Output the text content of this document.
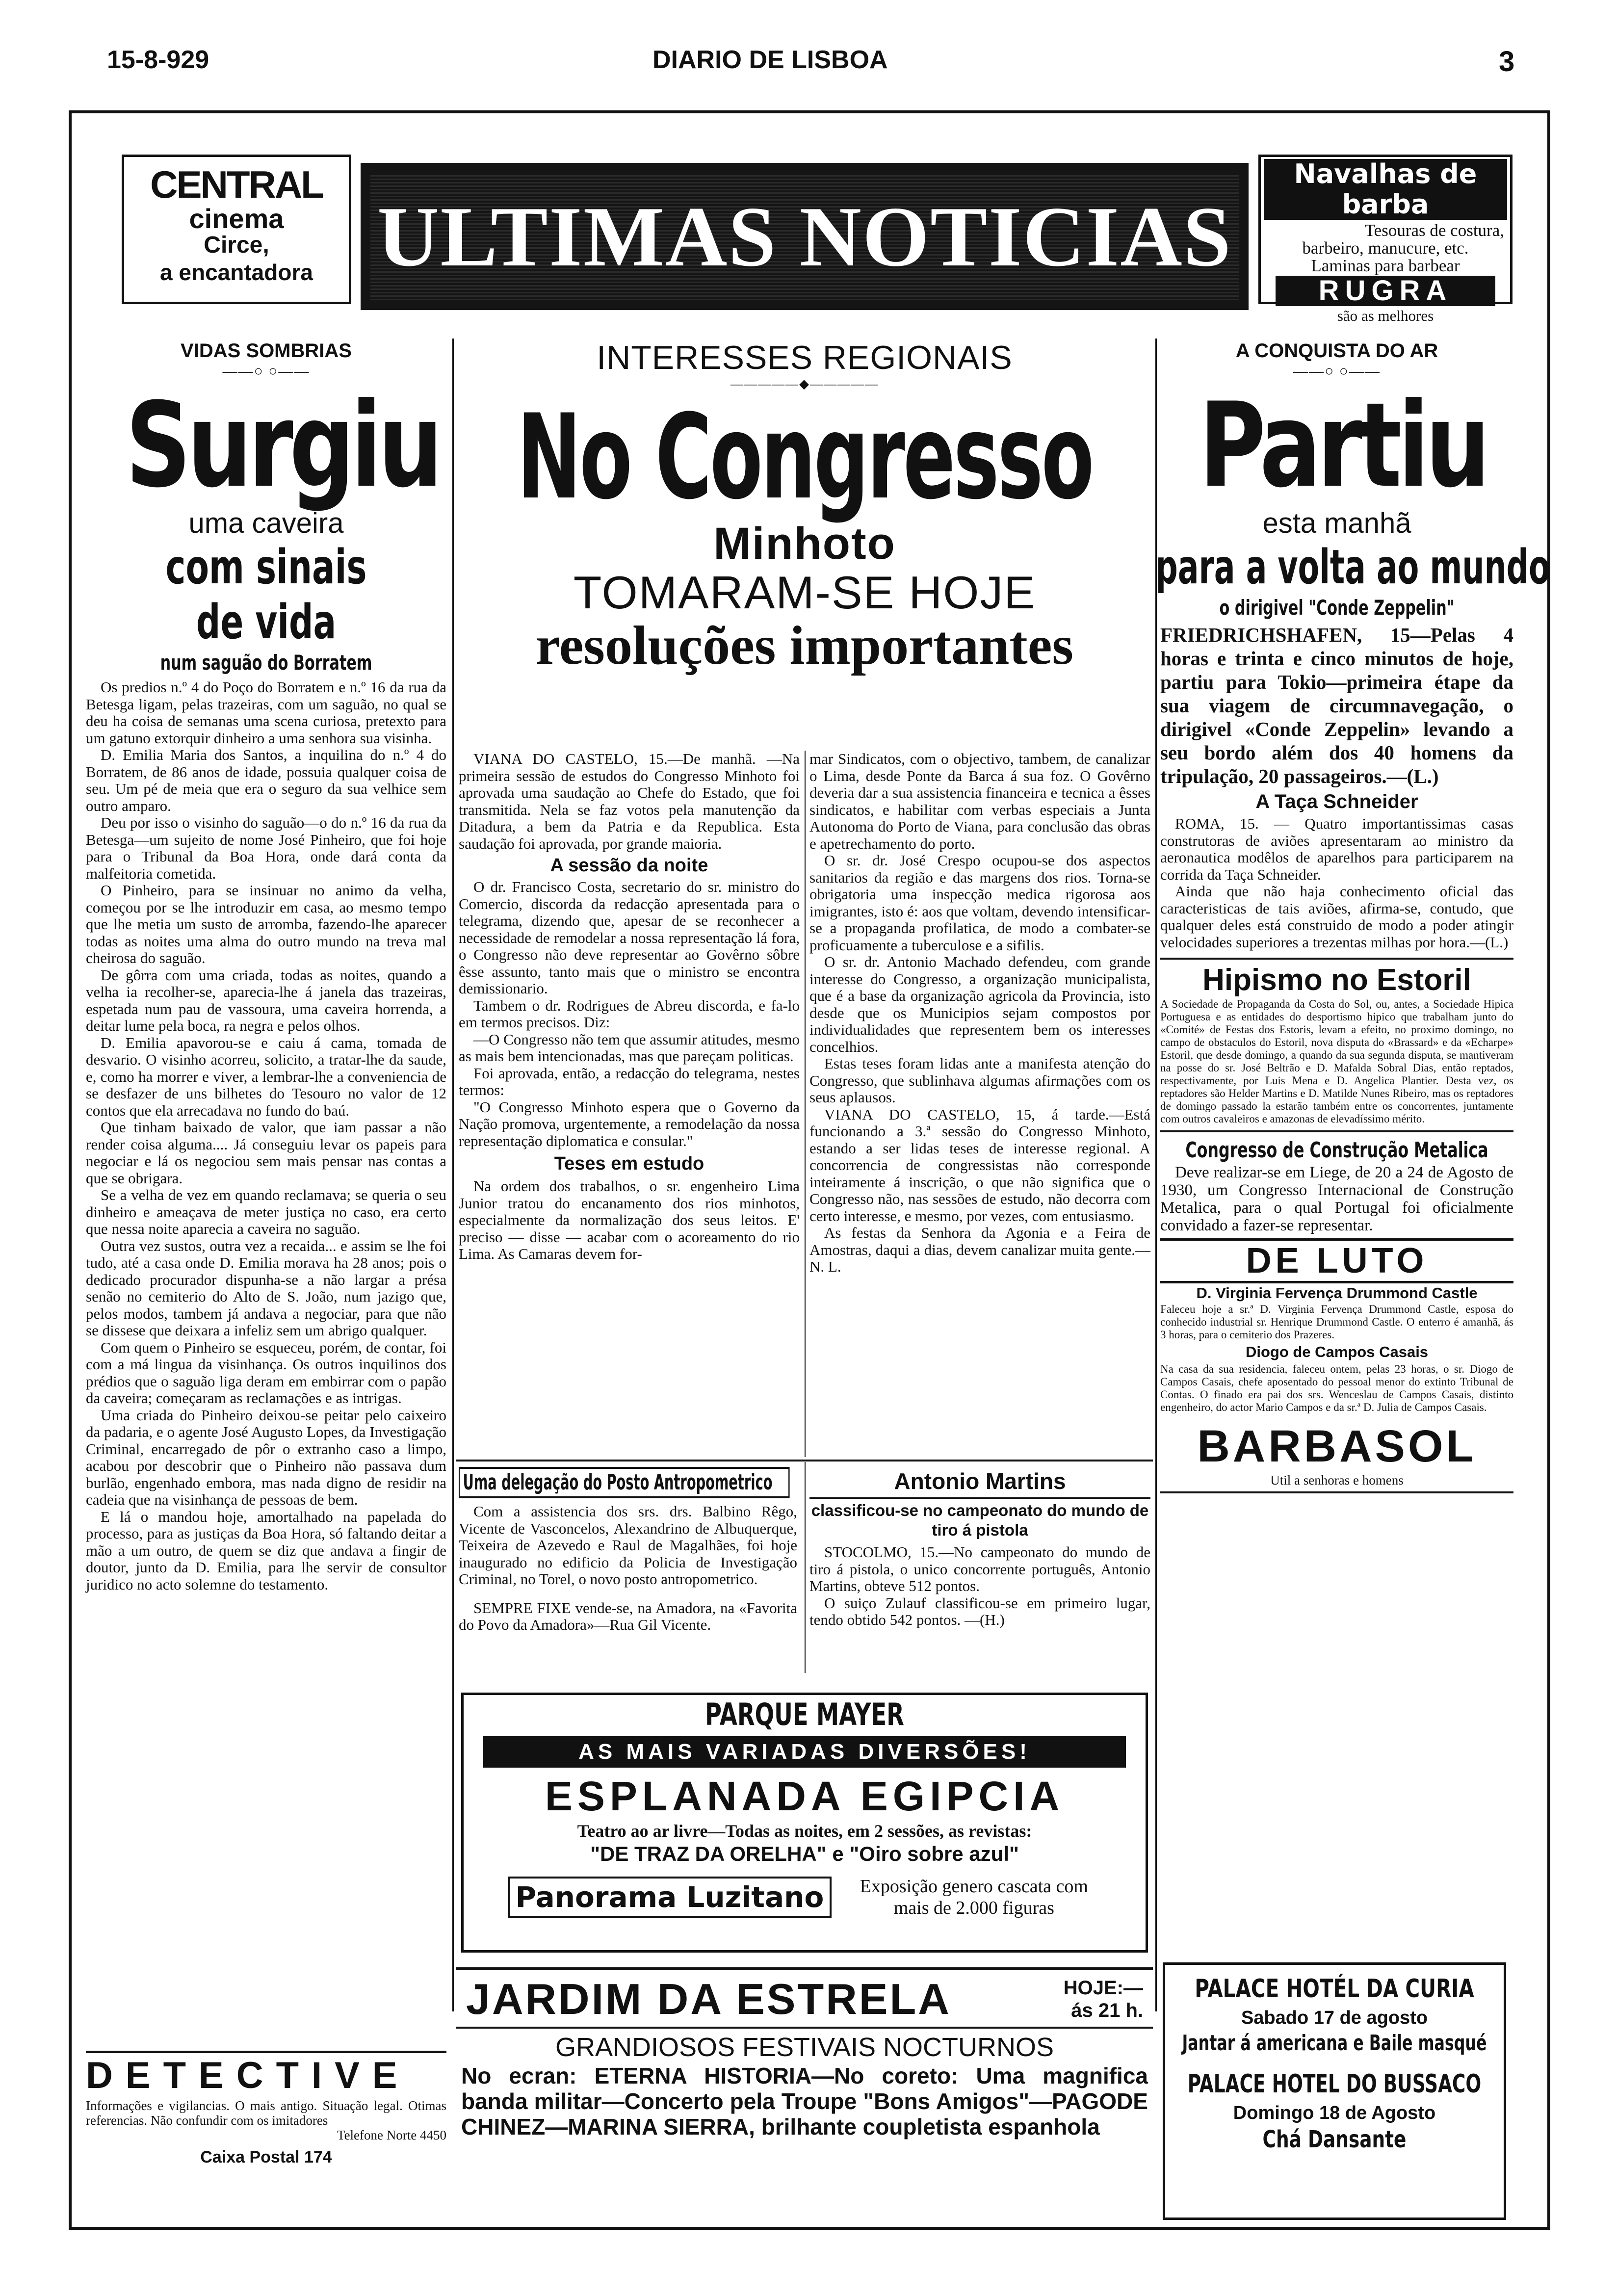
15-8-929	DIARIO DE LISBOA	3
CENTRAL
cinema
Circe,
a encantadora ULTIMAS NOTICIAS
Navalhas de barba
Tesouras de costura,
barbeiro, manucure, etc.
Laminas para barbear
RUGRA
são as melhores
VIDAS SOMBRIAS
——○ ○——
Surgiu
uma caveira
com sinais de vida
num saguão do Borratem

Os predios n.º 4 do Poço do Borratem e n.º 16 da rua da Betesga ligam, pelas trazeiras, com um saguão, no qual se deu ha coisa de semanas uma scena curiosa, pretexto para um gatuno extorquir dinheiro a uma senhora sua visinha.

D. Emilia Maria dos Santos, a inquilina do n.º 4 do Borratem, de 86 anos de idade, possuia qualquer coisa de seu. Um pé de meia que era o seguro da sua velhice sem outro amparo.

Deu por isso o visinho do saguão—o do n.º 16 da rua da Betesga—um sujeito de nome José Pinheiro, que foi hoje para o Tribunal da Boa Hora, onde dará conta da malfeitoria cometida.

O Pinheiro, para se insinuar no animo da velha, começou por se lhe introduzir em casa, ao mesmo tempo que lhe metia um susto de arromba, fazendo-lhe aparecer todas as noites uma alma do outro mundo na treva mal cheirosa do saguão.

De gôrra com uma criada, todas as noites, quando a velha ia recolher-se, aparecia-lhe á janela das trazeiras, espetada num pau de vassoura, uma caveira horrenda, a deitar lume pela boca, ra negra e pelos olhos.

D. Emilia apavorou-se e caiu á cama, tomada de desvario. O visinho acorreu, solicito, a tratar-lhe da saude, e, como ha morrer e viver, a lembrar-lhe a conveniencia de se desfazer de uns bilhetes do Tesouro no valor de 12 contos que ela arrecadava no fundo do baú.

Que tinham baixado de valor, que iam passar a não render coisa alguma.... Já conseguiu levar os papeis para negociar e lá os negociou sem mais pensar nas contas a que se obrigara.

Se a velha de vez em quando reclamava; se queria o seu dinheiro e ameaçava de meter justiça no caso, era certo que nessa noite aparecia a caveira no saguão.

Outra vez sustos, outra vez a recaida... e assim se lhe foi tudo, até a casa onde D. Emilia morava ha 28 anos; pois o dedicado procurador dispunha-se a não largar a présa senão no cemiterio do Alto de S. João, num jazigo que, pelos modos, tambem já andava a negociar, para que não se dissese que deixara a infeliz sem um abrigo qualquer.

Com quem o Pinheiro se esqueceu, porém, de contar, foi com a má lingua da visinhança. Os outros inquilinos dos prédios que o saguão liga deram em embirrar com o papão da caveira; começaram as reclamações e as intrigas.

Uma criada do Pinheiro deixou-se peitar pelo caixeiro da padaria, e o agente José Augusto Lopes, da Investigação Criminal, encarregado de pôr o extranho caso a limpo, acabou por descobrir que o Pinheiro não passava dum burlão, engenhado embora, mas nada digno de residir na cadeia que na visinhança de pessoas de bem.

E lá o mandou hoje, amortalhado na papelada do processo, para as justiças da Boa Hora, só faltando deitar a mão a um outro, de quem se diz que andava a fingir de doutor, junto da D. Emilia, para lhe servir de consultor juridico no acto solemne do testamento.

DETECTIVE
Informações e vigilancias. O mais antigo. Situação legal. Otimas referencias. Não confundir com os imitadores
Telefone Norte 4450
Caixa Postal 174
INTERESSES REGIONAIS
—————◆—————
No Congresso
Minhoto
TOMARAM-SE HOJE
resoluções importantes

VIANA DO CASTELO, 15.—De manhã. —Na primeira sessão de estudos do Congresso Minhoto foi aprovada uma saudação ao Chefe do Estado, que foi transmitida. Nela se faz votos pela manutenção da Ditadura, a bem da Patria e da Republica. Esta saudação foi aprovada, por grande maioria.

A sessão da noite

O dr. Francisco Costa, secretario do sr. ministro do Comercio, discorda da redacção apresentada para o telegrama, dizendo que, apesar de se reconhecer a necessidade de remodelar a nossa representação lá fora, o Congresso não deve representar ao Govêrno sôbre êsse assunto, tanto mais que o ministro se encontra demissionario.

Tambem o dr. Rodrigues de Abreu discorda, e fa-lo em termos precisos. Diz:

—O Congresso não tem que assumir atitudes, mesmo as mais bem intencionadas, mas que pareçam politicas.

Foi aprovada, então, a redacção do telegrama, nestes termos:

"O Congresso Minhoto espera que o Governo da Nação promova, urgentemente, a remodelação da nossa representação diplomatica e consular."

Teses em estudo

Na ordem dos trabalhos, o sr. engenheiro Lima Junior tratou do encanamento dos rios minhotos, especialmente da normalização dos seus leitos. E' preciso — disse — acabar com o acoreamento do rio Lima. As Camaras devem for-

mar Sindicatos, com o objectivo, tambem, de canalizar o Lima, desde Ponte da Barca á sua foz. O Govêrno deveria dar a sua assistencia financeira e tecnica a êsses sindicatos, e habilitar com verbas especiais a Junta Autonoma do Porto de Viana, para conclusão das obras e apetrechamento do porto.

O sr. dr. José Crespo ocupou-se dos aspectos sanitarios da região e das margens dos rios. Torna-se obrigatoria uma inspecção medica rigorosa aos imigrantes, isto é: aos que voltam, devendo intensificar-se a propaganda profilatica, de modo a combater-se proficuamente a tuberculose e a sifilis.

O sr. dr. Antonio Machado defendeu, com grande interesse do Congresso, a organização municipalista, que é a base da organização agricola da Provincia, isto desde que os Municipios sejam compostos por individualidades que representem bem os interesses concelhios.

Estas teses foram lidas ante a manifesta atenção do Congresso, que sublinhava algumas afirmações com os seus aplausos.

VIANA DO CASTELO, 15, á tarde.—Está funcionando a 3.ª sessão do Congresso Minhoto, estando a ser lidas teses de interesse regional. A concorrencia de congressistas não corresponde inteiramente á inscrição, o que não significa que o Congresso não, nas sessões de estudo, não decorra com certo interesse, e mesmo, por vezes, com entusiasmo.

As festas da Senhora da Agonia e a Feira de Amostras, daqui a dias, devem canalizar muita gente.—N. L.

Uma delegação do Posto Antropometrico

Com a assistencia dos srs. drs. Balbino Rêgo, Vicente de Vasconcelos, Alexandrino de Albuquerque, Teixeira de Azevedo e Raul de Magalhães, foi hoje inaugurado no edificio da Policia de Investigação Criminal, no Torel, o novo posto antropometrico.

SEMPRE FIXE vende-se, na Amadora, na «Favorita do Povo da Amadora»—Rua Gil Vicente.

Antonio Martins
classificou-se no campeonato do mundo de tiro á pistola

STOCOLMO, 15.—No campeonato do mundo de tiro á pistola, o unico concorrente português, Antonio Martins, obteve 512 pontos.

O suiço Zulauf classificou-se em primeiro lugar, tendo obtido 542 pontos. —(H.)

PARQUE MAYER
AS MAIS VARIADAS DIVERSÕES!
ESPLANADA EGIPCIA
Teatro ao ar livre—Todas as noites, em 2 sessões, as revistas:
"DE TRAZ DA ORELHA" e "Oiro sobre azul"
Panorama Luzitano	Exposição genero cascata com mais de 2.000 figuras
JARDIM DA ESTRELA	HOJE:—
ás 21 h.
GRANDIOSOS FESTIVAIS NOCTURNOS
No ecran: ETERNA HISTORIA—No coreto: Uma magnifica banda militar—Concerto pela Troupe "Bons Amigos"—PAGODE CHINEZ—MARINA SIERRA, brilhante coupletista espanhola
A CONQUISTA DO AR
——○ ○——
Partiu
esta manhã
para a volta ao mundo
o dirigivel "Conde Zeppelin"
FRIEDRICHSHAFEN, 15—Pelas 4 horas e trinta e cinco minutos de hoje, partiu para Tokio—primeira étape da sua viagem de circumnavegação, o dirigivel «Conde Zeppelin» levando a seu bordo além dos 40 homens da tripulação, 20 passageiros.—(L.)
A Taça Schneider

ROMA, 15. — Quatro importantissimas casas construtoras de aviões apresentaram ao ministro da aeronautica modêlos de aparelhos para participarem na corrida da Taça Schneider.

Ainda que não haja conhecimento oficial das caracteristicas de tais aviões, afirma-se, contudo, que qualquer deles está construido de modo a poder atingir velocidades superiores a trezentas milhas por hora.—(L.)

Hipismo no Estoril
A Sociedade de Propaganda da Costa do Sol, ou, antes, a Sociedade Hipica Portuguesa e as entidades do desportismo hipico que trabalham junto do «Comité» de Festas dos Estoris, levam a efeito, no proximo domingo, no campo de obstaculos do Estoril, nova disputa do «Brassard» e da «Echarpe» Estoril, que desde domingo, a quando da sua segunda disputa, se mantiveram na posse do sr. José Beltrão e D. Mafalda Sobral Dias, então reptados, respectivamente, por Luis Mena e D. Angelica Plantier. Desta vez, os reptadores são Helder Martins e D. Matilde Nunes Ribeiro, mas os reptadores de domingo passado la estarão também entre os concorrentes, juntamente com outros cavaleiros e amazonas de elevadíssimo mérito.
Congresso de Construção Metalica

Deve realizar-se em Liege, de 20 a 24 de Agosto de 1930, um Congresso Internacional de Construção Metalica, para o qual Portugal foi oficialmente convidado a fazer-se representar.

DE LUTO
D. Virginia Fervença Drummond Castle
Faleceu hoje a sr.ª D. Virginia Fervença Drummond Castle, esposa do conhecido industrial sr. Henrique Drummond Castle. O enterro é amanhã, ás 3 horas, para o cemiterio dos Prazeres.
Diogo de Campos Casais
Na casa da sua residencia, faleceu ontem, pelas 23 horas, o sr. Diogo de Campos Casais, chefe aposentado do pessoal menor do extinto Tribunal de Contas. O finado era pai dos srs. Wenceslau de Campos Casais, distinto engenheiro, do actor Mario Campos e da sr.ª D. Julia de Campos Casais.
BARBASOL
Util a senhoras e homens
PALACE HOTÉL DA CURIA
Sabado 17 de agosto
Jantar á americana e Baile masqué
PALACE HOTEL DO BUSSACO
Domingo 18 de Agosto
Chá Dansante
